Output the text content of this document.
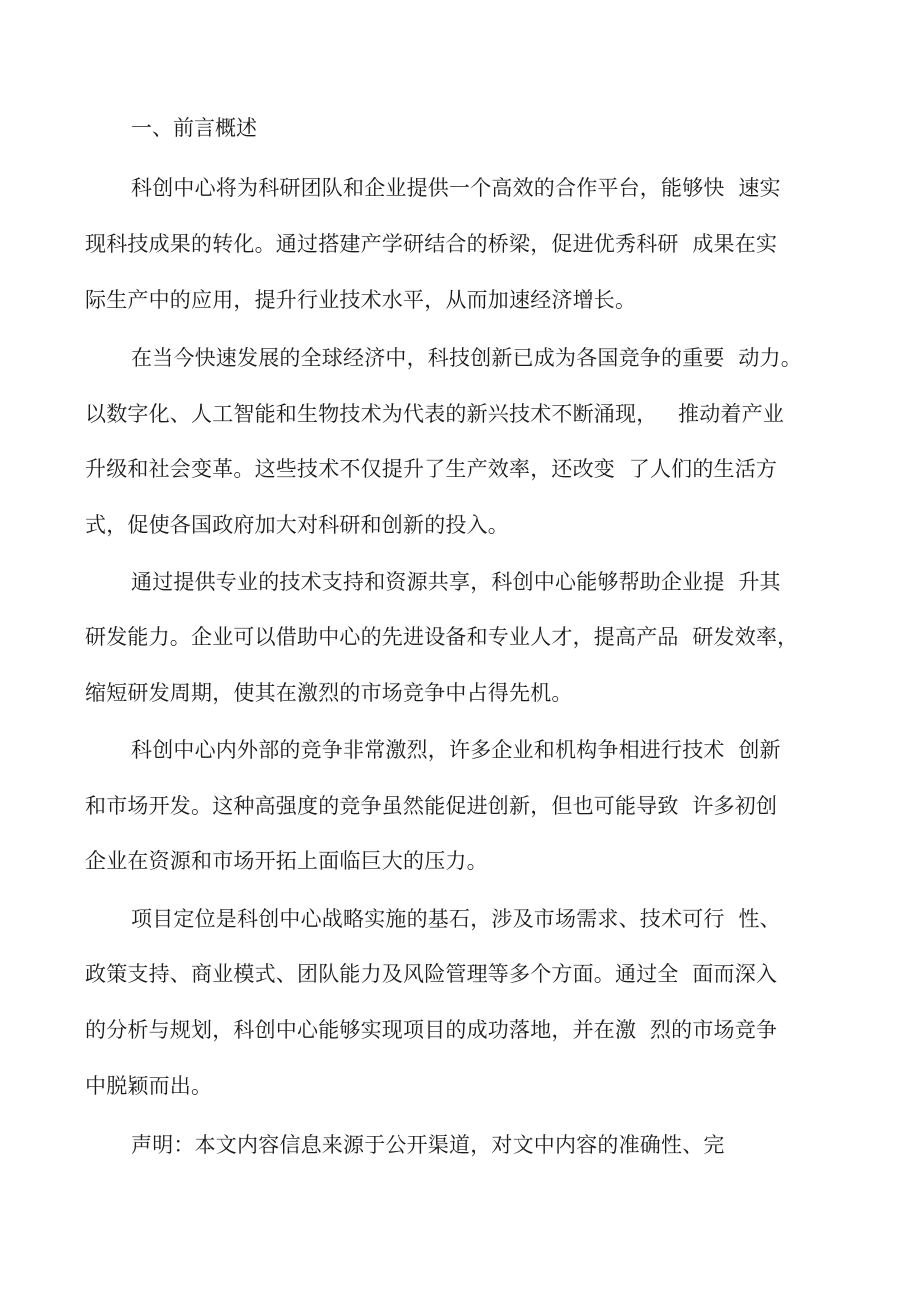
一、前言概述
科创中心将为科研团队和企业提供一个高效的合作平台，能够快  速实
现科技成果的转化。通过搭建产学研结合的桥梁，促进优秀科研  成果在实
际生产中的应用，提升行业技术水平，从而加速经济增长。
在当今快速发展的全球经济中，科技创新已成为各国竞争的重要  动力。
以数字化、人工智能和生物技术为代表的新兴技术不断涌现，   推动着产业
升级和社会变革。这些技术不仅提升了生产效率，还改变  了人们的生活方
式，促使各国政府加大对科研和创新的投入。
通过提供专业的技术支持和资源共享，科创中心能够帮助企业提  升其
研发能力。企业可以借助中心的先进设备和专业人才，提高产品  研发效率，
缩短研发周期，使其在激烈的市场竞争中占得先机。
科创中心内外部的竞争非常激烈，许多企业和机构争相进行技术  创新
和市场开发。这种高强度的竞争虽然能促进创新，但也可能导致  许多初创
企业在资源和市场开拓上面临巨大的压力。
项目定位是科创中心战略实施的基石，涉及市场需求、技术可行  性、
政策支持、商业模式、团队能力及风险管理等多个方面。通过全  面而深入
的分析与规划，科创中心能够实现项目的成功落地，并在激  烈的市场竞争
中脱颖而出。
声明：本文内容信息来源于公开渠道，对文中内容的准确性、完
